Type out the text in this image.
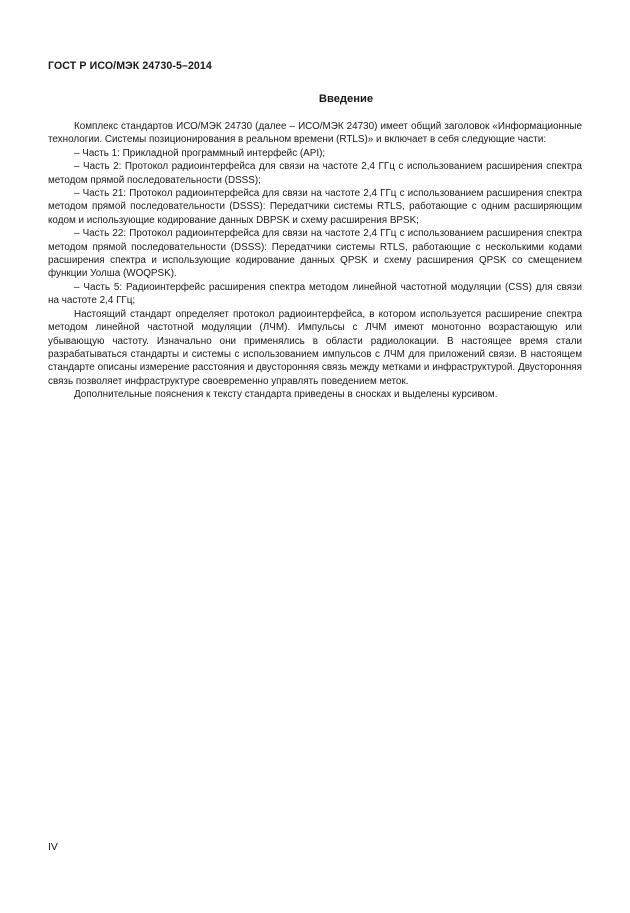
ГОСТ Р ИСО/МЭК 24730-5–2014
Введение

Комплекс стандартов ИСО/МЭК 24730 (далее – ИСО/МЭК 24730) имеет общий заголовок «Информационные технологии. Системы позиционирования в реальном времени (RTLS)» и включает в себя следующие части:

– Часть 1: Прикладной программный интерфейс (API);

– Часть 2: Протокол радиоинтерфейса для связи на частоте 2,4 ГГц с использованием расширения спектра методом прямой последовательности (DSSS);

– Часть 21: Протокол радиоинтерфейса для связи на частоте 2,4 ГГц с использованием расширения спектра методом прямой последовательности (DSSS): Передатчики системы RTLS, работающие с одним расширяющим кодом и использующие кодирование данных DBPSK и схему расширения BPSK;

– Часть 22: Протокол радиоинтерфейса для связи на частоте 2,4 ГГц с использованием расширения спектра методом прямой последовательности (DSSS): Передатчики системы RTLS, работающие с несколькими кодами расширения спектра и использующие кодирование данных QPSK и схему расширения QPSK со смещением функции Уолша (WOQPSK).

– Часть 5: Радиоинтерфейс расширения спектра методом линейной частотной модуляции (CSS) для связи на частоте 2,4 ГГц;

Настоящий стандарт определяет протокол радиоинтерфейса, в котором используется расширение спектра методом линейной частотной модуляции (ЛЧМ). Импульсы с ЛЧМ имеют монотонно возрастающую или убывающую частоту. Изначально они применялись в области радиолокации. В настоящее время стали разрабатываться стандарты и системы с использованием импульсов с ЛЧМ для приложений связи. В настоящем стандарте описаны измерение расстояния и двусторонняя связь между метками и инфраструктурой. Двусторонняя связь позволяет инфраструктуре своевременно управлять поведением меток.

Дополнительные пояснения к тексту стандарта приведены в сносках и выделены курсивом.

IV
